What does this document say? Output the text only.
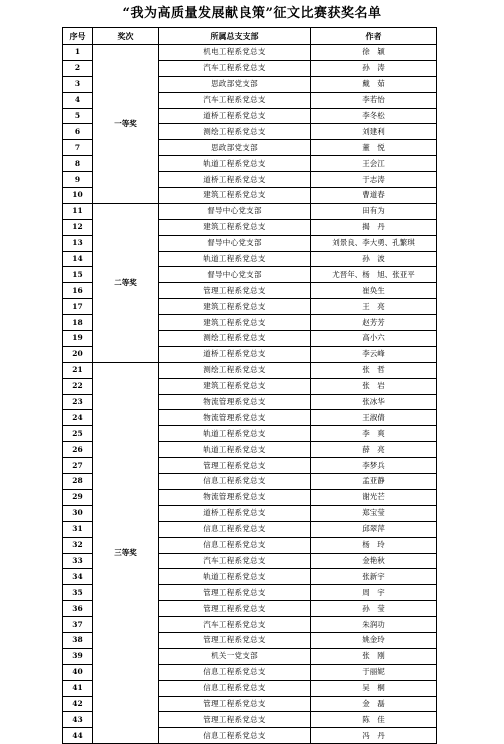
“我为高质量发展献良策”征文比赛获奖名单
序号	奖次	所属总支支部	作者
1	一等奖	机电工程系党总支	徐　颖
2		汽车工程系党总支	孙　涛
3		思政部党支部	戴　茹
4		汽车工程系党总支	李若怡
5		道桥工程系党总支	李冬松
6		测绘工程系党总支	刘建利
7		思政部党支部	董　悦
8		轨道工程系党总支	王会江
9		道桥工程系党总支	于志涛
10		建筑工程系党总支	曹道春
11	二等奖	督导中心党支部	田有为
12		建筑工程系党总支	揭　丹
13		督导中心党支部	刘景良、李大勇、孔繁琪
14		轨道工程系党总支	孙　波
15		督导中心党支部	尤晋年、杨　旭、张亚平
16		管理工程系党总支	崔奂生
17		建筑工程系党总支	王　亮
18		建筑工程系党总支	赵芳芳
19		测绘工程系党总支	高小六
20		道桥工程系党总支	李云峰
21	三等奖	测绘工程系党总支	张　哲
22		建筑工程系党总支	张　岩
23		物流管理系党总支	张冰华
24		物流管理系党总支	王淑倩
25		轨道工程系党总支	李　爽
26		轨道工程系党总支	薛　亮
27		管理工程系党总支	李梦兵
28		信息工程系党总支	孟亚静
29		物流管理系党总支	谢光芒
30		道桥工程系党总支	郑宝莹
31		信息工程系党总支	邱翠萍
32		信息工程系党总支	杨　玲
33		汽车工程系党总支	金艳秋
34		轨道工程系党总支	张新宇
35		管理工程系党总支	周　宇
36		管理工程系党总支	孙　莹
37		汽车工程系党总支	朱润功
38		管理工程系党总支	姚金玲
39		机关一党支部	张　刚
40		信息工程系党总支	于丽妮
41		信息工程系党总支	吴　桐
42		管理工程系党总支	金　磊
43		管理工程系党总支	陈　佳
44		信息工程系党总支	冯　丹
